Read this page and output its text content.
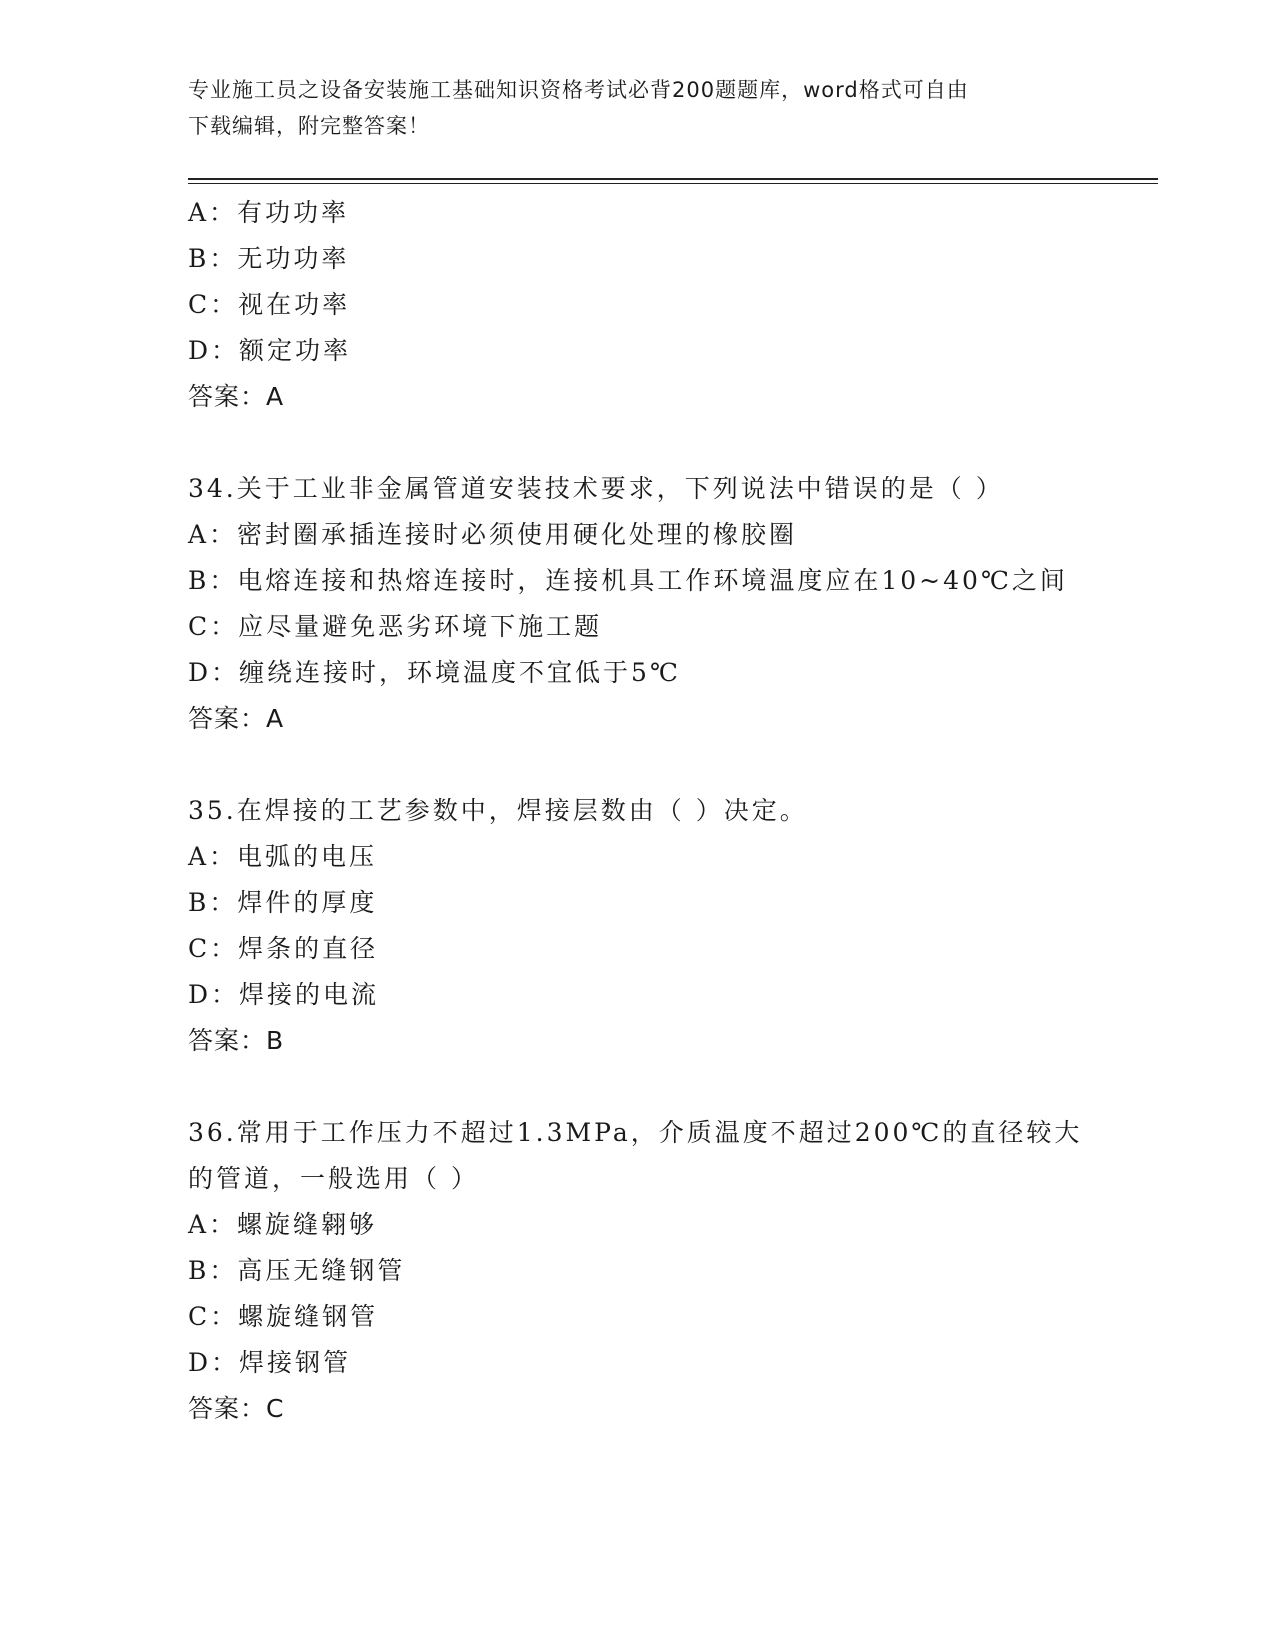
专业施工员之设备安装施工基础知识资格考试必背200题题库，word格式可自由
下载编辑，附完整答案！
A：有功功率
B：无功功率
C：视在功率
D：额定功率
答案：A
34.关于工业非金属管道安装技术要求，下列说法中错误的是（ ）
A：密封圈承插连接时必须使用硬化处理的橡胶圈
B：电熔连接和热熔连接时，连接机具工作环境温度应在10~40℃之间
C：应尽量避免恶劣环境下施工题
D：缠绕连接时，环境温度不宜低于5℃
答案：A
35.在焊接的工艺参数中，焊接层数由（ ）决定。
A：电弧的电压
B：焊件的厚度
C：焊条的直径
D：焊接的电流
答案：B
36.常用于工作压力不超过1.3MPa，介质温度不超过200℃的直径较大
的管道，一般选用（ ）
A：螺旋缝翱够
B：高压无缝钢管
C：螺旋缝钢管
D：焊接钢管
答案：C
